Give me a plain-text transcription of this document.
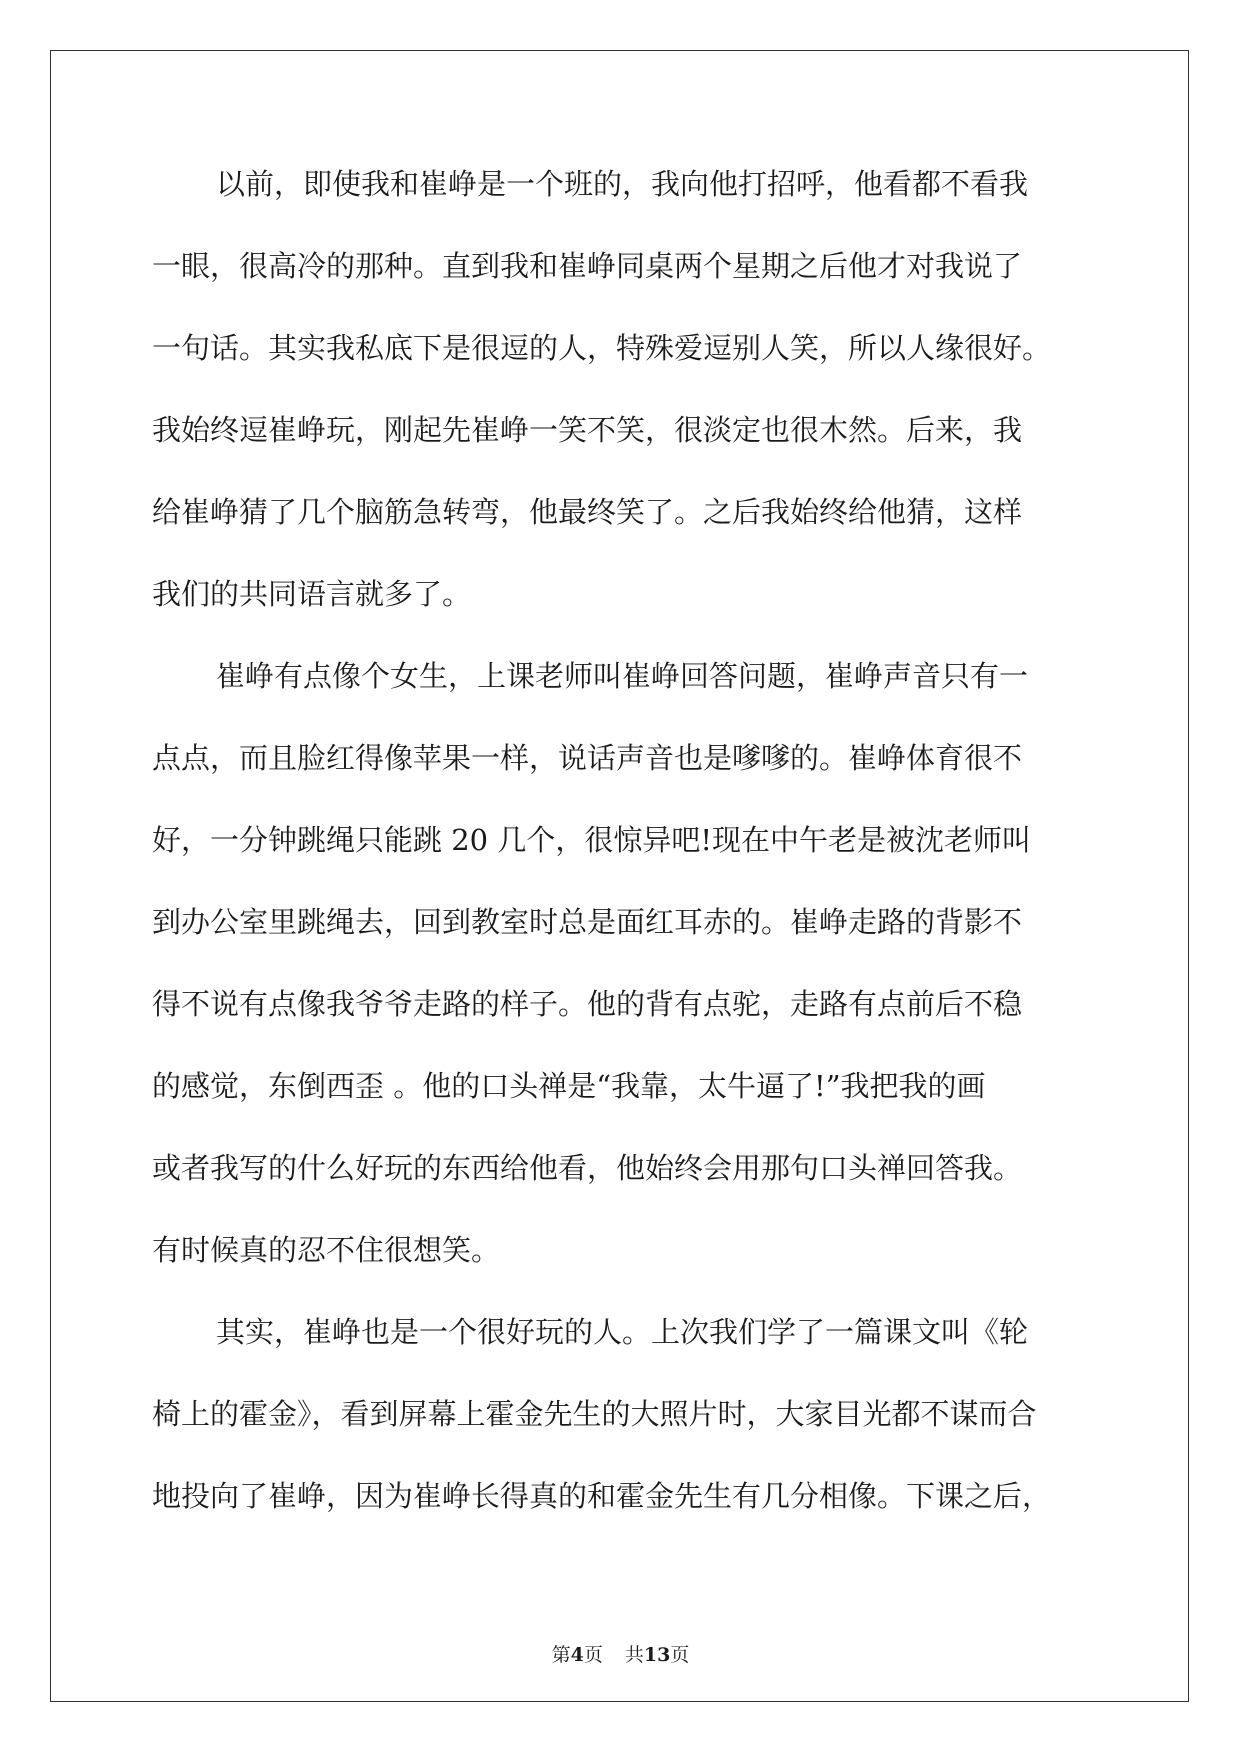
以前，即使我和崔峥是一个班的，我向他打招呼，他看都不看我
一眼，很高冷的那种。直到我和崔峥同桌两个星期之后他才对我说了
一句话。其实我私底下是很逗的人，特殊爱逗别人笑，所以人缘很好。
我始终逗崔峥玩，刚起先崔峥一笑不笑，很淡定也很木然。后来，我
给崔峥猜了几个脑筋急转弯，他最终笑了。之后我始终给他猜，这样
我们的共同语言就多了。
崔峥有点像个女生，上课老师叫崔峥回答问题，崔峥声音只有一
点点，而且脸红得像苹果一样，说话声音也是嗲嗲的。崔峥体育很不
好，一分钟跳绳只能跳 20 几个，很惊异吧!现在中午老是被沈老师叫
到办公室里跳绳去，回到教室时总是面红耳赤的。崔峥走路的背影不
得不说有点像我爷爷走路的样子。他的背有点驼，走路有点前后不稳
的感觉，东倒西歪 。他的口头禅是“我靠，太牛逼了!”我把我的画
或者我写的什么好玩的东西给他看，他始终会用那句口头禅回答我。
有时候真的忍不住很想笑。
其实，崔峥也是一个很好玩的人。上次我们学了一篇课文叫《轮
椅上的霍金》，看到屏幕上霍金先生的大照片时，大家目光都不谋而合
地投向了崔峥，因为崔峥长得真的和霍金先生有几分相像。下课之后，
第4页 共13页
